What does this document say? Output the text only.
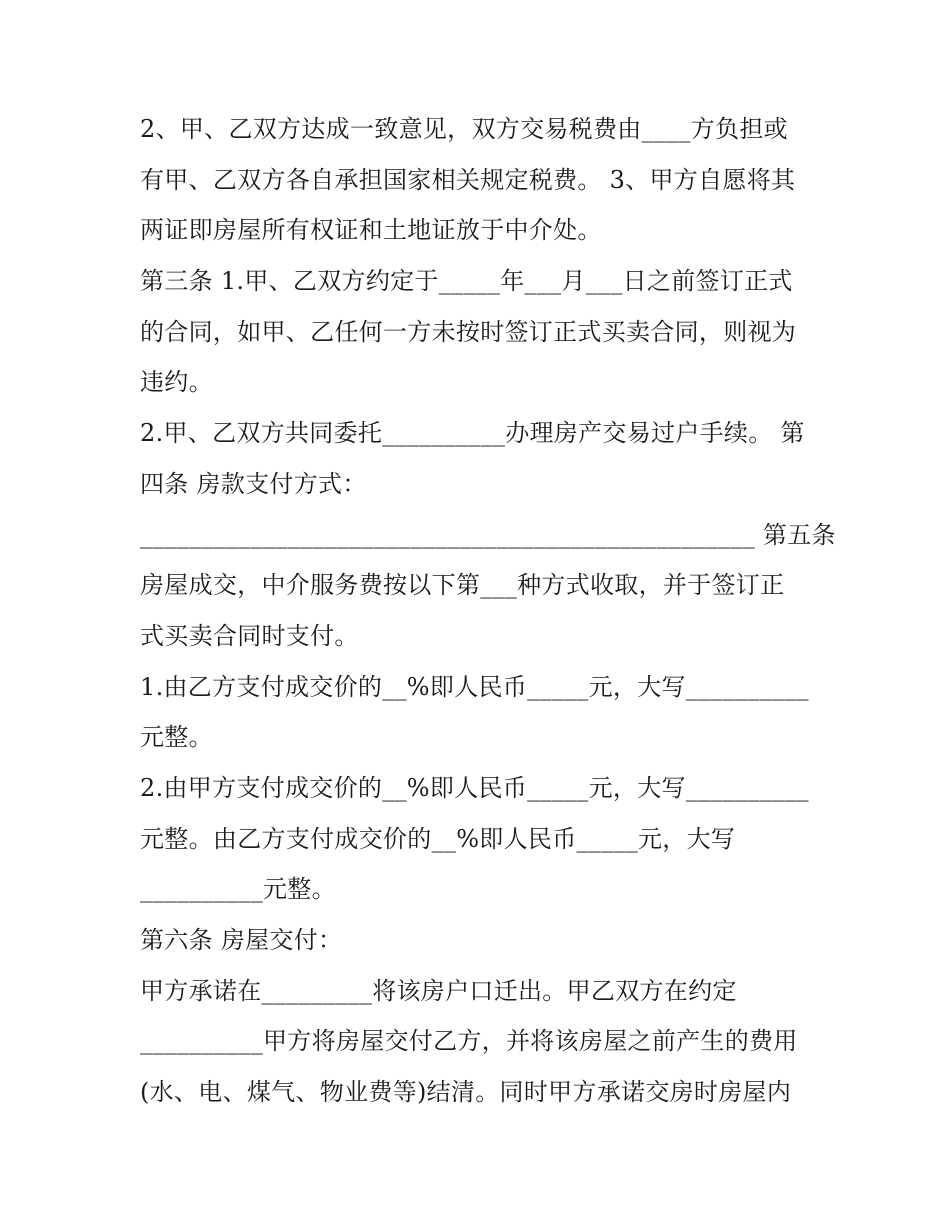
2、甲、乙双方达成一致意见，双方交易税费由____方负担或
有甲、乙双方各自承担国家相关规定税费。 3、甲方自愿将其
两证即房屋所有权证和土地证放于中介处。
第三条 1.甲、乙双方约定于_____年___月___日之前签订正式
的合同，如甲、乙任何一方未按时签订正式买卖合同，则视为
违约。
2.甲、乙双方共同委托__________办理房产交易过户手续。 第
四条 房款支付方式：
__________________________________________________ 第五条
房屋成交，中介服务费按以下第___种方式收取，并于签订正
式买卖合同时支付。
1.由乙方支付成交价的__%即人民币_____元，大写__________
元整。
2.由甲方支付成交价的__%即人民币_____元，大写__________
元整。由乙方支付成交价的__%即人民币_____元，大写
__________元整。
第六条 房屋交付：
甲方承诺在_________将该房户口迁出。甲乙双方在约定
__________甲方将房屋交付乙方，并将该房屋之前产生的费用
(水、电、煤气、物业费等)结清。同时甲方承诺交房时房屋内
